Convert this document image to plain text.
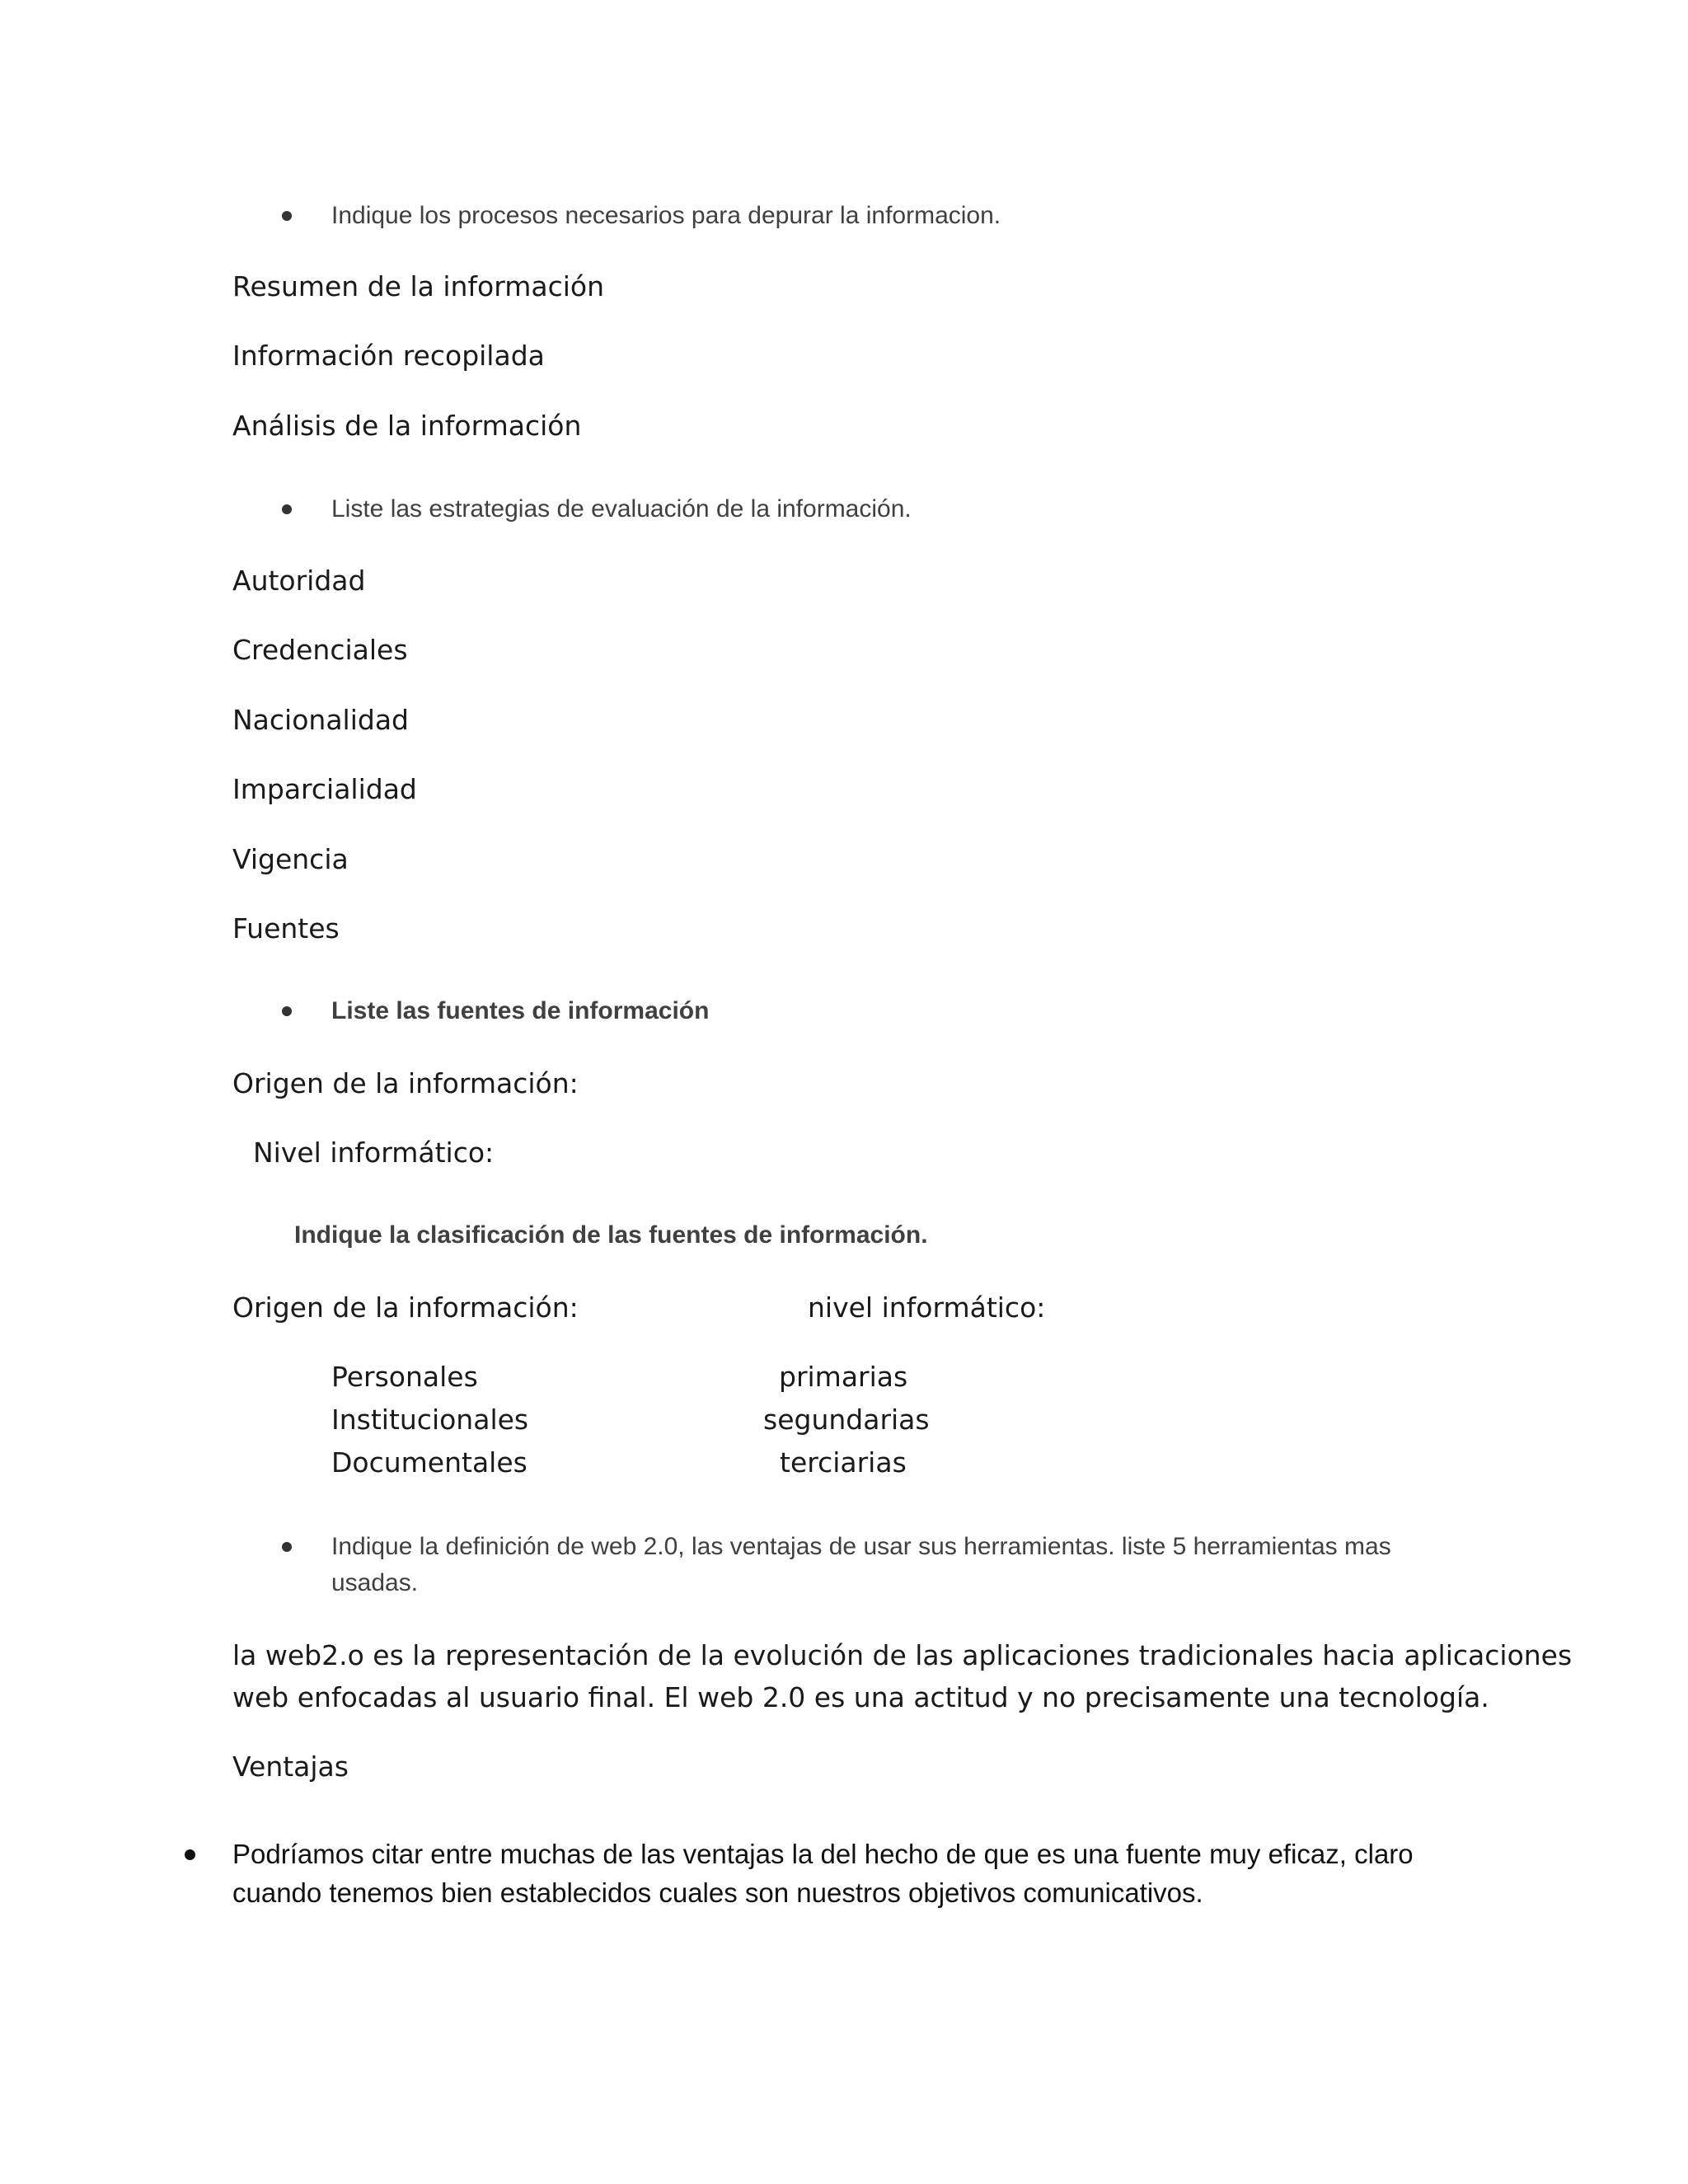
Indique los procesos necesarios para depurar la informacion.

Resumen de la información

Información recopilada

Análisis de la información

Liste las estrategias de evaluación de la información.

Autoridad

Credenciales

Nacionalidad

Imparcialidad

Vigencia

Fuentes

Liste las fuentes de información

Origen de la información:

Nivel informático:

Indique la clasificación de las fuentes de información.

Origen de la información:	nivel informático:

Personales

Institucionales

Documentales

primarias

segundarias

terciarias

Indique la definición de web 2.0, las ventajas de usar sus herramientas. liste 5 herramientas mas

usadas.

la web2.o es la representación de la evolución de las aplicaciones tradicionales hacia aplicaciones

web enfocadas al usuario final. El web 2.0 es una actitud y no precisamente una tecnología.

Ventajas

Podríamos citar entre muchas de las ventajas la del hecho de que es una fuente muy eficaz, claro

cuando tenemos bien establecidos cuales son nuestros objetivos comunicativos.
